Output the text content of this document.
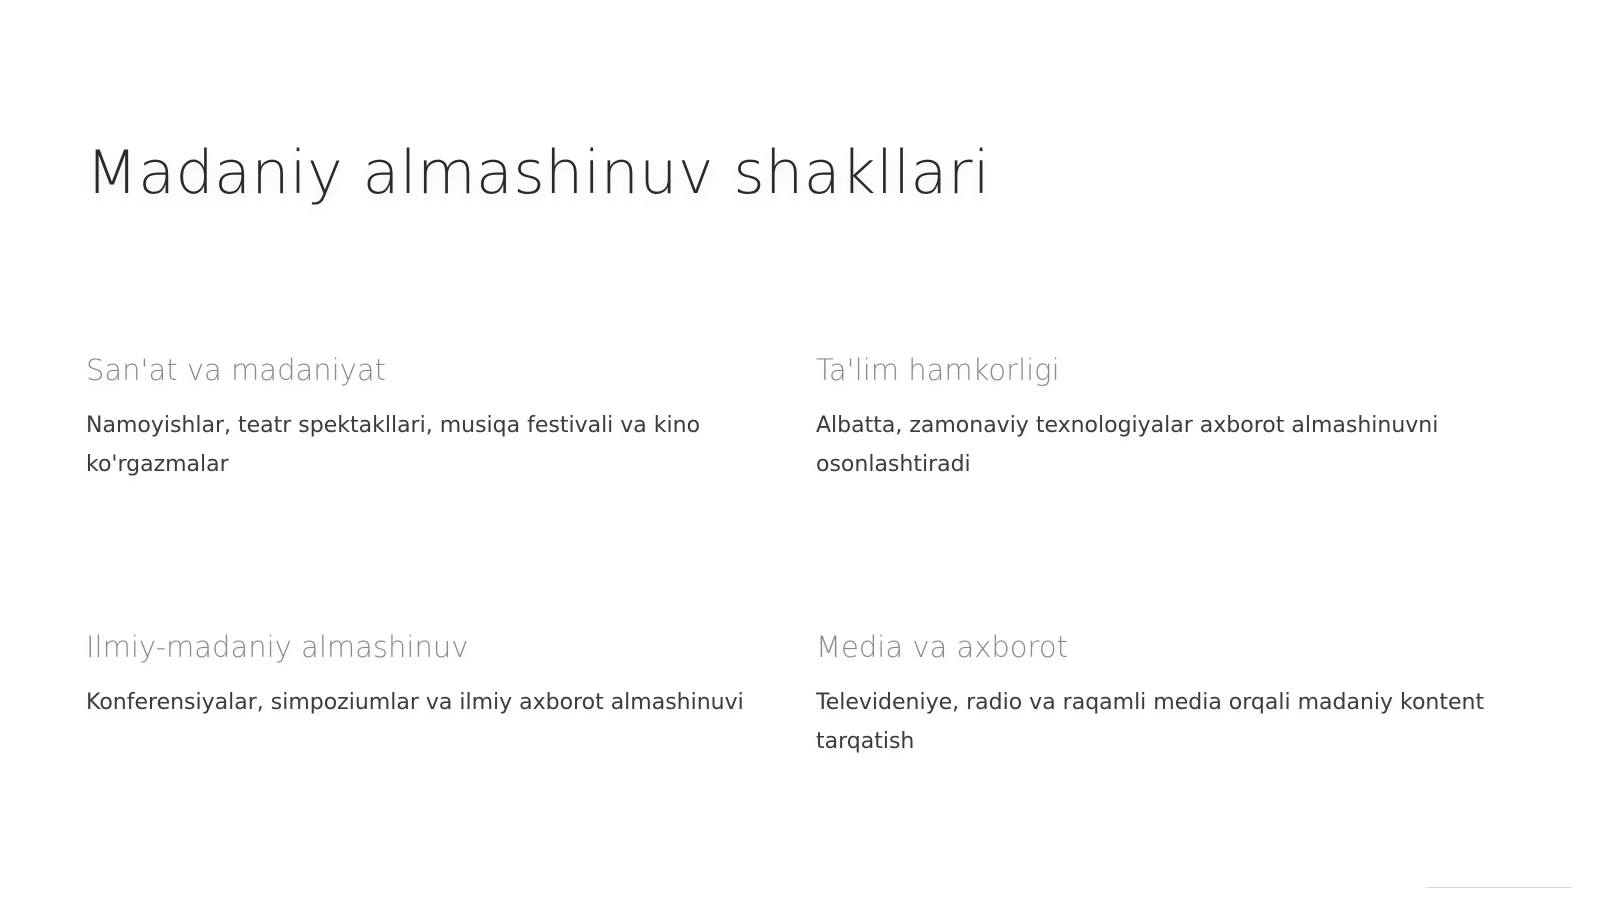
Madaniy almashinuv shakllari
San'at va madaniyat

Namoyishlar, teatr spektakllari, musiqa festivali va kino ko'rgazmalar

Ta'lim hamkorligi

Albatta, zamonaviy texnologiyalar axborot almashinuvni osonlashtiradi

Ilmiy-madaniy almashinuv

Konferensiyalar, simpoziumlar va ilmiy axborot almashinuvi

Media va axborot

Televideniye, radio va raqamli media orqali madaniy kontent tarqatish
